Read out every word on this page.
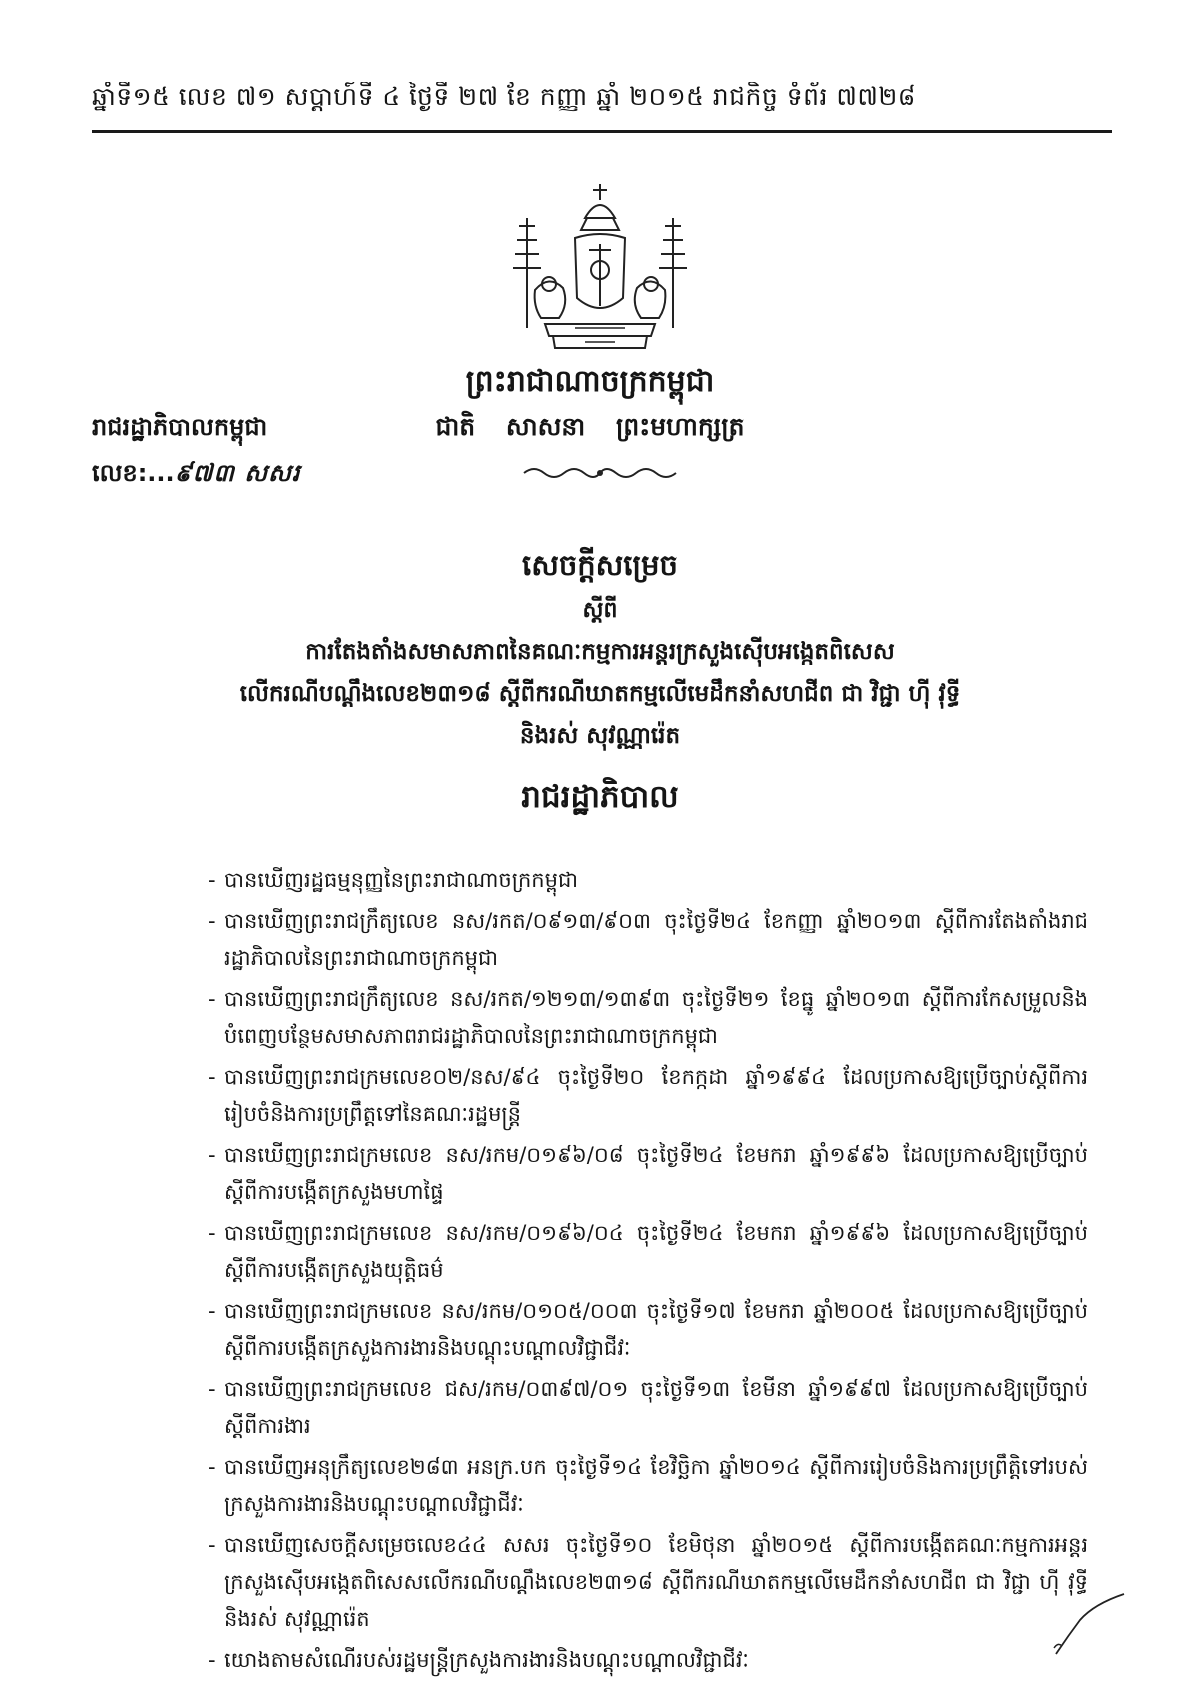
ឆ្នាំទី១៥ លេខ ៧១ សប្ដាហ៍ទី ៤ ថ្ងៃទី ២៧ ខែ កញ្ញា ឆ្នាំ ២០១៥ រាជកិច្ច ទំព័រ ៧៧២៨
ព្រះរាជាណាចក្រកម្ពុជា
ជាតិ សាសនា ព្រះមហាក្សត្រ
រាជរដ្ឋាភិបាលកម្ពុជា
លេខ:...៩៧៣ សសរ
សេចក្ដីសម្រេច
ស្ដីពី
ការតែងតាំងសមាសភាពនៃគណៈកម្មការអន្តរក្រសួងស៊ើបអង្កេតពិសេស
លើករណីបណ្ដឹងលេខ២៣១៨ ស្ដីពីករណីឃាតកម្មលើមេដឹកនាំសហជីព ជា វិជ្ជា ហ៊ី វុទ្ធី
និងរស់ សុវណ្ណារ៉េត
រាជរដ្ឋាភិបាល
- បានឃើញរដ្ឋធម្មនុញ្ញនៃព្រះរាជាណាចក្រកម្ពុជា
- បានឃើញព្រះរាជក្រឹត្យលេខ នស/រកត/០៩១៣/៩០៣ ចុះថ្ងៃទី២៤ ខែកញ្ញា ឆ្នាំ២០១៣ ស្ដីពីការតែងតាំងរាជរដ្ឋាភិបាលនៃព្រះរាជាណាចក្រកម្ពុជា
- បានឃើញព្រះរាជក្រឹត្យលេខ នស/រកត/១២១៣/១៣៩៣ ចុះថ្ងៃទី២១ ខែធ្នូ ឆ្នាំ២០១៣ ស្ដីពីការកែសម្រួលនិងបំពេញបន្ថែមសមាសភាពរាជរដ្ឋាភិបាលនៃព្រះរាជាណាចក្រកម្ពុជា
- បានឃើញព្រះរាជក្រមលេខ០២/នស/៩៤ ចុះថ្ងៃទី២០ ខែកក្កដា ឆ្នាំ១៩៩៤ ដែលប្រកាសឱ្យប្រើច្បាប់ស្ដីពីការរៀបចំនិងការប្រព្រឹត្តទៅនៃគណៈរដ្ឋមន្ត្រី
- បានឃើញព្រះរាជក្រមលេខ នស/រកម/០១៩៦/០៨ ចុះថ្ងៃទី២៤ ខែមករា ឆ្នាំ១៩៩៦ ដែលប្រកាសឱ្យប្រើច្បាប់ស្ដីពីការបង្កើតក្រសួងមហាផ្ទៃ
- បានឃើញព្រះរាជក្រមលេខ នស/រកម/០១៩៦/០៤ ចុះថ្ងៃទី២៤ ខែមករា ឆ្នាំ១៩៩៦ ដែលប្រកាសឱ្យប្រើច្បាប់ស្ដីពីការបង្កើតក្រសួងយុត្តិធម៌
- បានឃើញព្រះរាជក្រមលេខ នស/រកម/០១០៥/០០៣ ចុះថ្ងៃទី១៧ ខែមករា ឆ្នាំ២០០៥ ដែលប្រកាសឱ្យប្រើច្បាប់ស្ដីពីការបង្កើតក្រសួងការងារនិងបណ្ដុះបណ្ដាលវិជ្ជាជីវៈ
- បានឃើញព្រះរាជក្រមលេខ ជស/រកម/០៣៩៧/០១ ចុះថ្ងៃទី១៣ ខែមីនា ឆ្នាំ១៩៩៧ ដែលប្រកាសឱ្យប្រើច្បាប់ស្ដីពីការងារ
- បានឃើញអនុក្រឹត្យលេខ២៨៣ អនក្រ.បក ចុះថ្ងៃទី១៤ ខែវិច្ឆិកា ឆ្នាំ២០១៤ ស្ដីពីការរៀបចំនិងការប្រព្រឹត្តិទៅរបស់ក្រសួងការងារនិងបណ្ដុះបណ្ដាលវិជ្ជាជីវៈ
- បានឃើញសេចក្ដីសម្រេចលេខ៤៤ សសរ ចុះថ្ងៃទី១០ ខែមិថុនា ឆ្នាំ២០១៥ ស្ដីពីការបង្កើតគណៈកម្មការអន្តរក្រសួងស៊ើបអង្កេតពិសេសលើករណីបណ្ដឹងលេខ២៣១៨ ស្ដីពីករណីឃាតកម្មលើមេដឹកនាំសហជីព ជា វិជ្ជា ហ៊ី វុទ្ធី និងរស់ សុវណ្ណារ៉េត
- យោងតាមសំណើរបស់រដ្ឋមន្ត្រីក្រសួងការងារនិងបណ្ដុះបណ្ដាលវិជ្ជាជីវៈ
